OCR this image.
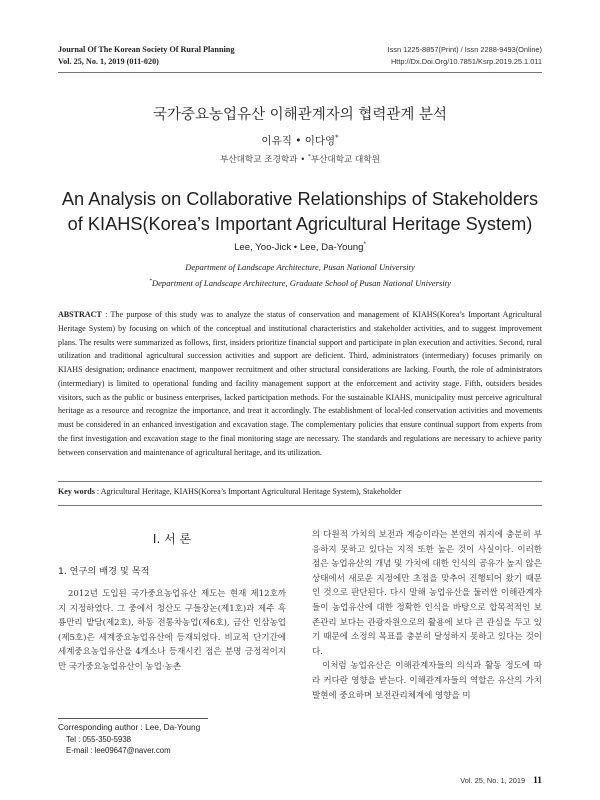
Journal Of The Korean Society Of Rural Planning
Vol. 25, No. 1, 2019 (011-020)
Issn 1225-8857(Print) / Issn 2288-9493(Online)
Http://Dx.Doi.Org/10.7851/Ksrp.2019.25.1.011
국가중요농업유산 이해관계자의 협력관계 분석
이유직 • 이다영*
부산대학교 조경학과 • *부산대학교 대학원
An Analysis on Collaborative Relationships of Stakeholders of KIAHS(Korea’s Important Agricultural Heritage System)
Lee, Yoo-Jick • Lee, Da-Young*
Department of Landscape Architecture, Pusan National University
*Department of Landscape Architecture, Graduate School of Pusan National University
ABSTRACT : The purpose of this study was to analyze the status of conservation and management of KIAHS(Korea’s Important Agricultural Heritage System) by focusing on which of the conceptual and institutional characteristics and stakeholder activities, and to suggest improvement plans. The results were summarized as follows, first, insiders prioritize financial support and participate in plan execution and activities. Second, rural utilization and traditional agricultural succession activities and support are deficient. Third, administrators (intermediary) focuses primarily on KIAHS designation; ordinance enactment, manpower recruitment and other structural considerations are lacking. Fourth, the role of administrators (intermediary) is limited to operational funding and facility management support at the enforcement and activity stage. Fifth, outsiders besides visitors, such as the public or business enterprises, lacked participation methods. For the sustainable KIAHS, municipality must perceive agricultural heritage as a resource and recognize the importance, and treat it accordingly. The establishment of local-led conservation activities and movements must be considered in an enhanced investigation and excavation stage. The complementary policies that ensure continual support from experts from the first investigation and excavation stage to the final monitoring stage are necessary. The standards and regulations are necessary to achieve parity between conservation and maintenance of agricultural heritage, and its utilization.
Key words : Agricultural Heritage, KIAHS(Korea’s Important Agricultural Heritage System), Stakeholder
Ⅰ. 서 론
1. 연구의 배경 및 목적

2012년 도입된 국가중요농업유산 제도는 현재 제12호까지 지정하였다. 그 중에서 청산도 구들장논(제1호)과 제주 흑룡만리 밭담(제2호), 하동 전통차농업(제6호), 금산 인삼농업(제5호)은 세계중요농업유산에 등재되었다. 비교적 단기간에 세계중요농업유산을 4개소나 등재시킨 점은 분명 긍정적이지만 국가중요농업유산이 농업·농촌

의 다원적 가치의 보전과 계승이라는 본연의 취지에 충분히 부응하지 못하고 있다는 지적 또한 높은 것이 사실이다. 이러한 점은 농업유산의 개념 및 가치에 대한 인식의 공유가 높지 않은 상태에서 새로운 지정에만 초점을 맞추어 진행되어 왔기 때문인 것으로 판단된다. 다시 말해 농업유산을 둘러싼 이해관계자들이 농업유산에 대한 정확한 인식을 바탕으로 합목적적인 보존관리 보다는 관광자원으로의 활용에 보다 큰 관심을 두고 있기 때문에 소정의 목표를 충분히 달성하지 못하고 있다는 것이다.

이처럼 농업유산은 이해관계자들의 의식과 활동 정도에 따라 커다란 영향을 받는다. 이해관계자들의 역할은 유산의 가치 발현에 중요하며 보전관리체계에 영향을 미

Corresponding author : Lee, Da-Young
Tel : 055-350-5938
E-mail : lee09647@naver.com
Vol. 25, No. 1, 2019 11
